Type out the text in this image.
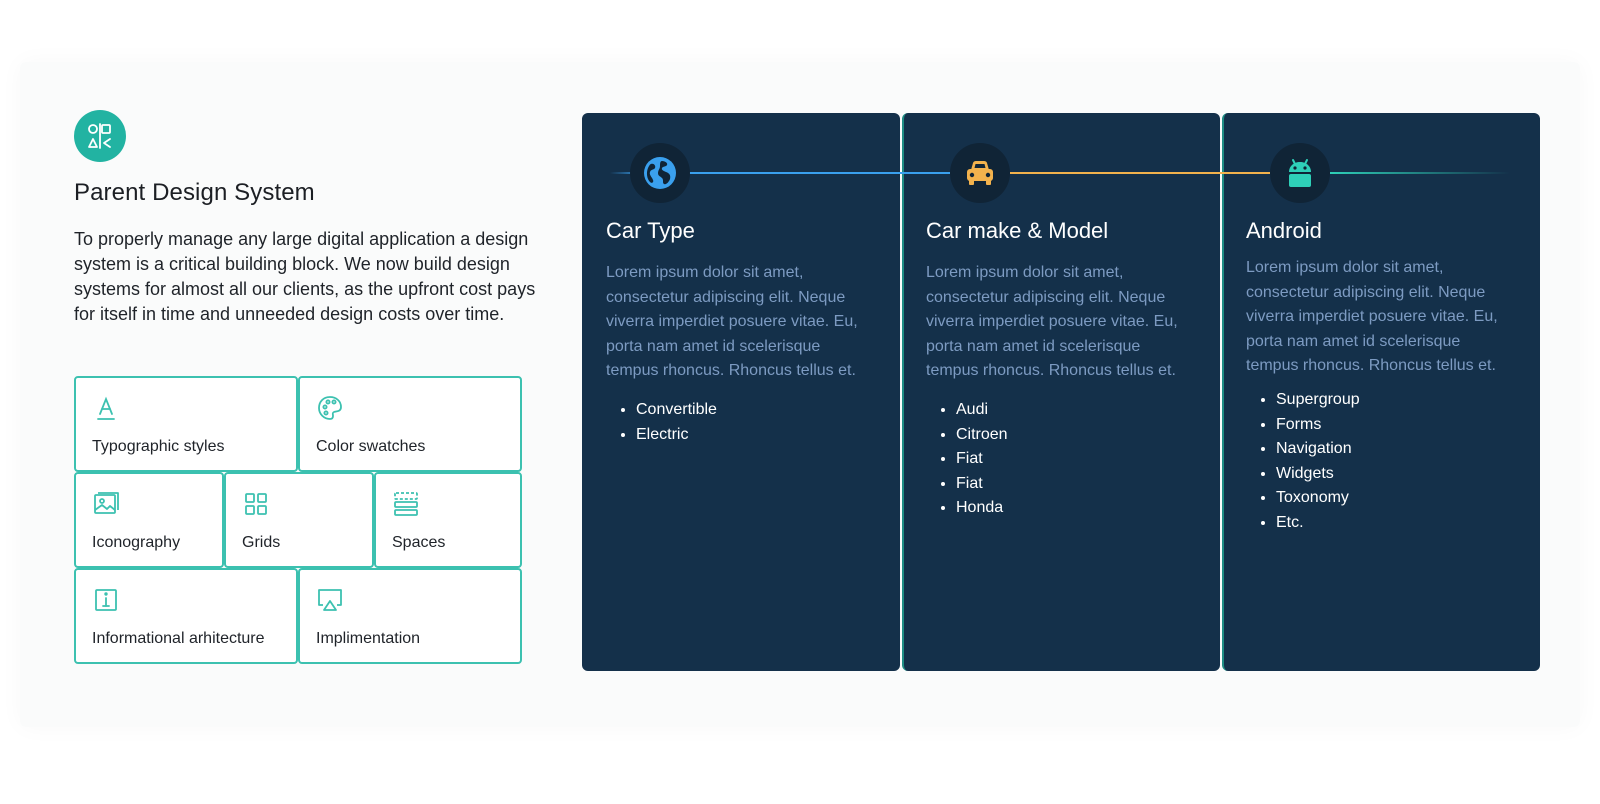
Parent Design System
To properly manage any large digital application a design system is a critical building block. We now build design systems for almost all our clients, as the upfront cost pays for itself in time and unneeded design costs over time.
Typographic styles	Color swatches
Iconography	Grids	Spaces
Informational arhitecture	Implimentation
Car Type
Lorem ipsum dolor sit amet, consectetur adipiscing elit. Neque viverra imperdiet posuere vitae. Eu, porta nam amet id scelerisque tempus rhoncus. Rhoncus tellus et.
• Convertible
• Electric
Car make & Model
Lorem ipsum dolor sit amet, consectetur adipiscing elit. Neque viverra imperdiet posuere vitae. Eu, porta nam amet id scelerisque tempus rhoncus. Rhoncus tellus et.
• Audi
• Citroen
• Fiat
• Fiat
• Honda
Android
Lorem ipsum dolor sit amet, consectetur adipiscing elit. Neque viverra imperdiet posuere vitae. Eu, porta nam amet id scelerisque tempus rhoncus. Rhoncus tellus et.
• Supergroup
• Forms
• Navigation
• Widgets
• Toxonomy
• Etc.
